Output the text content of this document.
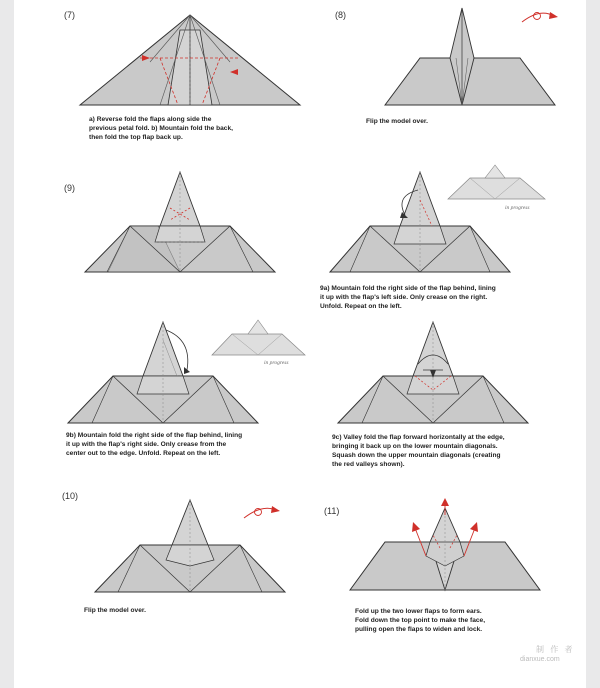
(7)
a) Reverse fold the flaps along side the
previous petal fold. b) Mountain fold the back,
then fold the top flap back up.
(8)
Flip the model over.
(9)
in progress
9a) Mountain fold the right side of the flap behind, lining
it up with the flap's left side. Only crease on the right.
Unfold. Repeat on the left.
in progress
9b) Mountain fold the right side of the flap behind, lining
it up with the flap's right side. Only crease from the
center out to the edge. Unfold. Repeat on the left.
9c) Valley fold the flap forward horizontally at the edge,
bringing it back up on the lower mountain diagonals.
Squash down the upper mountain diagonals (creating
the red valleys shown).
(10)
Flip the model over.
(11)
Fold up the two lower flaps to form ears.
Fold down the top point to make the face,
pulling open the flaps to widen and lock.
制 作 者
dianxue.com
